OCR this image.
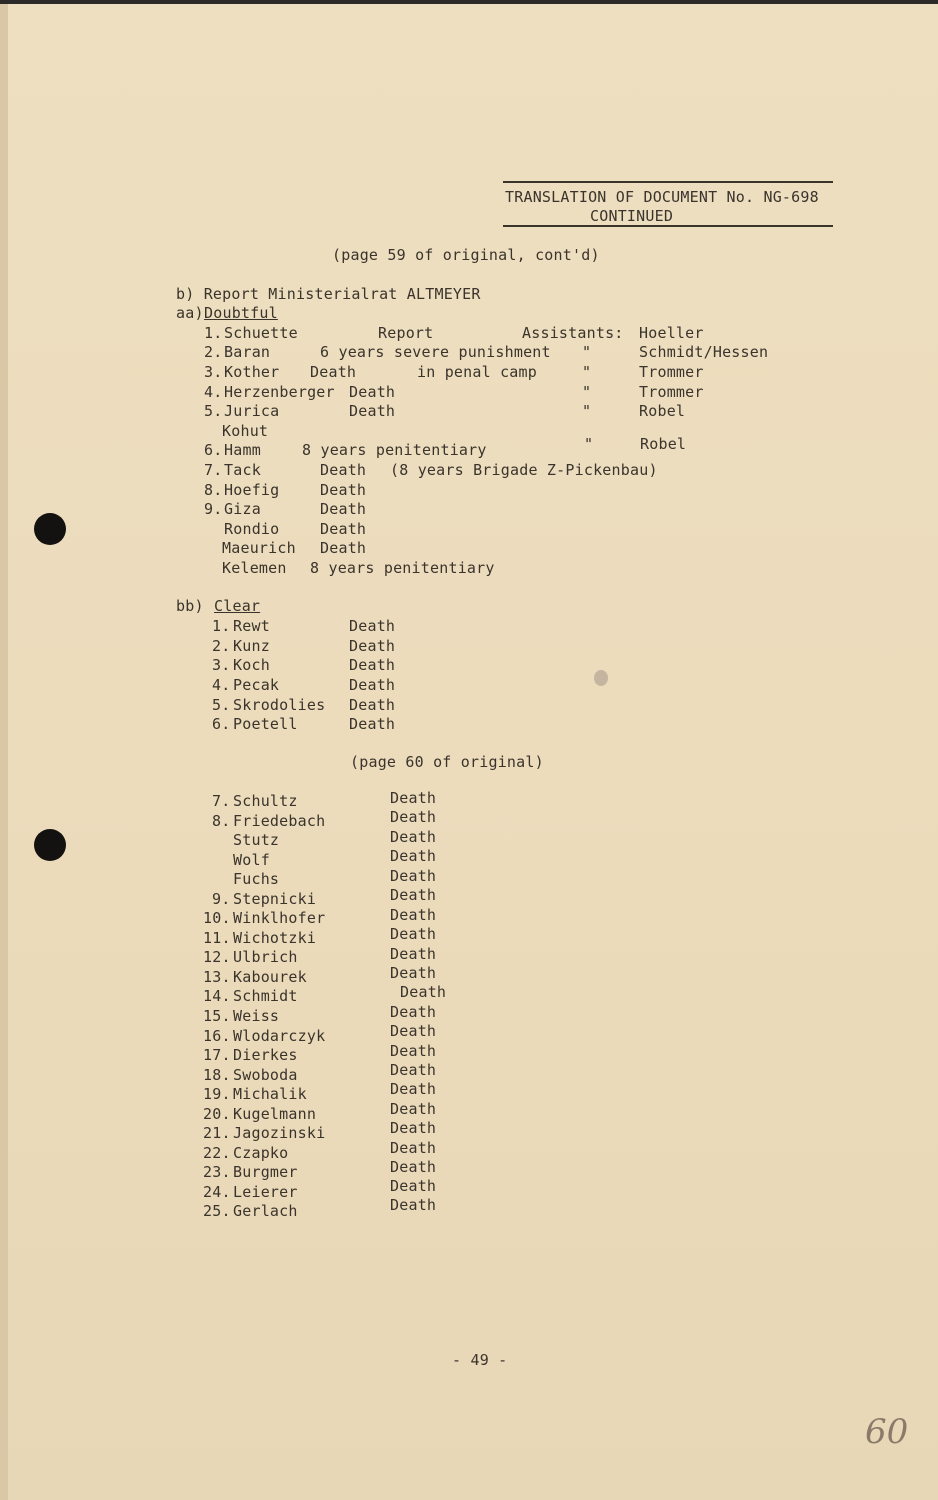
TRANSLATION OF DOCUMENT No. NG-698
CONTINUED
(page 59 of original, cont'd)
b) Report Ministerialrat ALTMEYER
aa) Doubtful
1. Schuette	Report	Assistants: Hoeller
2. Baran	6 years severe punishment "	Schmidt/Hessen
3. Kother Death	in penal camp	"	Trommer
4. Herzenberger Death	"	Trommer
5. Jurica	Death	"	Robel
Kohut
6. Hamm	8 years penitentiary	"	Robel
7. Tack	Death (8 years Brigade Z-Pickenbau)
8. Hoefig	Death
9. Giza	Death
Rondio	Death
Maeurich Death
Kelemen 8 years penitentiary
bb) Clear
1. Rewt	Death
2. Kunz	Death
3. Koch	Death
4. Pecak	Death
5. Skrodolies Death
6. Poetell	Death
(page 60 of original)
7. Schultz	Death
8. Friedebach	Death
Stutz	Death
Wolf	Death
Fuchs	Death
9. Stepnicki	Death
10. Winklhofer	Death
11. Wichotzki	Death
12. Ulbrich	Death
13. Kabourek	Death
14. Schmidt	Death
15. Weiss	Death
16. Wlodarczyk	Death
17. Dierkes	Death
18. Swoboda	Death
19. Michalik	Death
20. Kugelmann	Death
21. Jagozinski	Death
22. Czapko	Death
23. Burgmer	Death
24. Leierer	Death
25. Gerlach	Death
- 49 -
60
